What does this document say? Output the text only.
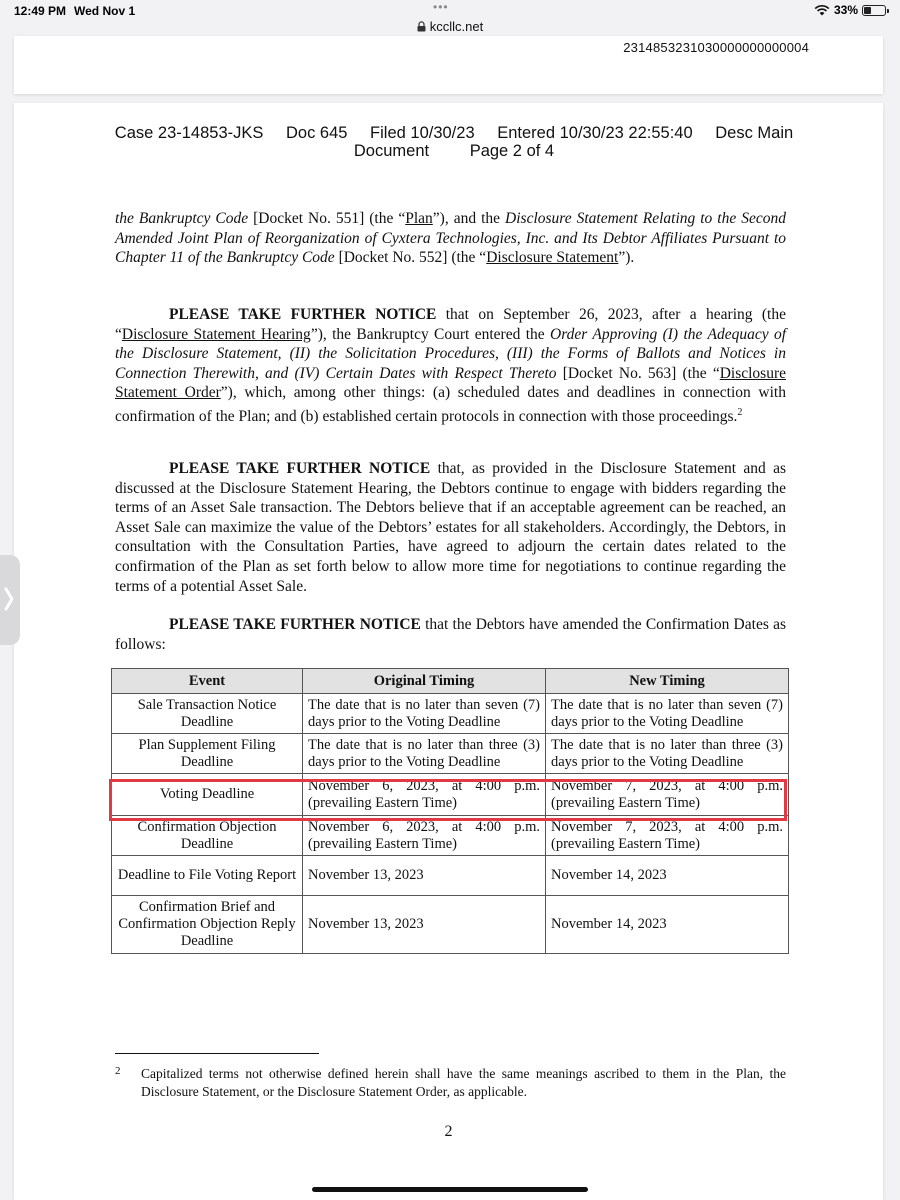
12:49 PM Wed Nov 1	•••	33%
kccllc.net
2314853231030000000000004
Case 23-14853-JKS Doc 645 Filed 10/30/23 Entered 10/30/23 22:55:40 Desc Main
Document Page 2 of 4
the Bankruptcy Code [Docket No. 551] (the “Plan”), and the Disclosure Statement Relating to the Second Amended Joint Plan of Reorganization of Cyxtera Technologies, Inc. and Its Debtor Affiliates Pursuant to Chapter 11 of the Bankruptcy Code [Docket No. 552] (the “Disclosure Statement”).
PLEASE TAKE FURTHER NOTICE that on September 26, 2023, after a hearing (the “Disclosure Statement Hearing”), the Bankruptcy Court entered the Order Approving (I) the Adequacy of the Disclosure Statement, (II) the Solicitation Procedures, (III) the Forms of Ballots and Notices in Connection Therewith, and (IV) Certain Dates with Respect Thereto [Docket No. 563] (the “Disclosure Statement Order”), which, among other things: (a) scheduled dates and deadlines in connection with confirmation of the Plan; and (b) established certain protocols in connection with those proceedings.$^2$
PLEASE TAKE FURTHER NOTICE that, as provided in the Disclosure Statement and as discussed at the Disclosure Statement Hearing, the Debtors continue to engage with bidders regarding the terms of an Asset Sale transaction. The Debtors believe that if an acceptable agreement can be reached, an Asset Sale can maximize the value of the Debtors’ estates for all stakeholders. Accordingly, the Debtors, in consultation with the Consultation Parties, have agreed to adjourn the certain dates related to the confirmation of the Plan as set forth below to allow more time for negotiations to continue regarding the terms of a potential Asset Sale.
PLEASE TAKE FURTHER NOTICE that the Debtors have amended the Confirmation Dates as follows:
Event	Original Timing	New Timing
Sale Transaction Notice Deadline	The date that is no later than seven (7) days prior to the Voting Deadline	The date that is no later than seven (7) days prior to the Voting Deadline
Plan Supplement Filing Deadline	The date that is no later than three (3) days prior to the Voting Deadline	The date that is no later than three (3) days prior to the Voting Deadline
Voting Deadline	November 6, 2023, at 4:00 p.m. (prevailing Eastern Time)	November 7, 2023, at 4:00 p.m. (prevailing Eastern Time)
Confirmation Objection Deadline	November 6, 2023, at 4:00 p.m. (prevailing Eastern Time)	November 7, 2023, at 4:00 p.m. (prevailing Eastern Time)
Deadline to File Voting Report	November 13, 2023	November 14, 2023
Confirmation Brief and Confirmation Objection Reply Deadline	November 13, 2023	November 14, 2023
2	Capitalized terms not otherwise defined herein shall have the same meanings ascribed to them in the Plan, the Disclosure Statement, or the Disclosure Statement Order, as applicable.
2
